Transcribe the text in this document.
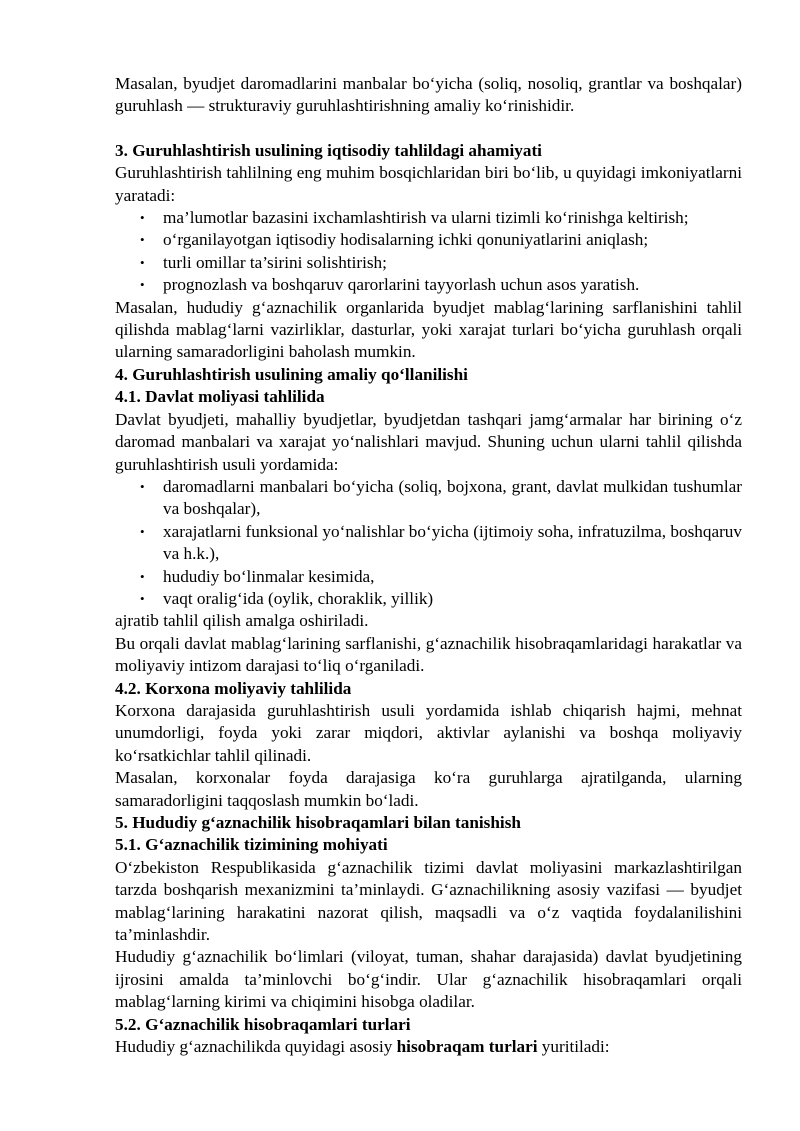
Masalan, byudjet daromadlarini manbalar bo‘yicha (soliq, nosoliq, grantlar va boshqalar) guruhlash — strukturaviy guruhlashtirishning amaliy ko‘rinishidir.

3. Guruhlashtirish usulining iqtisodiy tahlildagi ahamiyati

Guruhlashtirish tahlilning eng muhim bosqichlaridan biri bo‘lib, u quyidagi imkoniyatlarni yaratadi:

• ma’lumotlar bazasini ixchamlashtirish va ularni tizimli ko‘rinishga keltirish;
• o‘rganilayotgan iqtisodiy hodisalarning ichki qonuniyatlarini aniqlash;
• turli omillar ta’sirini solishtirish;
• prognozlash va boshqaruv qarorlarini tayyorlash uchun asos yaratish.

Masalan, hududiy g‘aznachilik organlarida byudjet mablag‘larining sarflanishini tahlil qilishda mablag‘larni vazirliklar, dasturlar, yoki xarajat turlari bo‘yicha guruhlash orqali ularning samaradorligini baholash mumkin.

4. Guruhlashtirish usulining amaliy qo‘llanilishi
4.1. Davlat moliyasi tahlilida

Davlat byudjeti, mahalliy byudjetlar, byudjetdan tashqari jamg‘armalar har birining o‘z daromad manbalari va xarajat yo‘nalishlari mavjud. Shuning uchun ularni tahlil qilishda guruhlashtirish usuli yordamida:

• daromadlarni manbalari bo‘yicha (soliq, bojxona, grant, davlat mulkidan tushumlar va boshqalar),
• xarajatlarni funksional yo‘nalishlar bo‘yicha (ijtimoiy soha, infratuzilma, boshqaruv va h.k.),
• hududiy bo‘linmalar kesimida,
• vaqt oralig‘ida (oylik, choraklik, yillik)

ajratib tahlil qilish amalga oshiriladi.

Bu orqali davlat mablag‘larining sarflanishi, g‘aznachilik hisobraqamlaridagi harakatlar va moliyaviy intizom darajasi to‘liq o‘rganiladi.

4.2. Korxona moliyaviy tahlilida

Korxona darajasida guruhlashtirish usuli yordamida ishlab chiqarish hajmi, mehnat unumdorligi, foyda yoki zarar miqdori, aktivlar aylanishi va boshqa moliyaviy ko‘rsatkichlar tahlil qilinadi.

Masalan, korxonalar foyda darajasiga ko‘ra guruhlarga ajratilganda, ularning samaradorligini taqqoslash mumkin bo‘ladi.

5. Hududiy g‘aznachilik hisobraqamlari bilan tanishish
5.1. G‘aznachilik tizimining mohiyati

O‘zbekiston Respublikasida g‘aznachilik tizimi davlat moliyasini markazlashtirilgan tarzda boshqarish mexanizmini ta’minlaydi. G‘aznachilikning asosiy vazifasi — byudjet mablag‘larining harakatini nazorat qilish, maqsadli va o‘z vaqtida foydalanilishini ta’minlashdir.

Hududiy g‘aznachilik bo‘limlari (viloyat, tuman, shahar darajasida) davlat byudjetining ijrosini amalda ta’minlovchi bo‘g‘indir. Ular g‘aznachilik hisobraqamlari orqali mablag‘larning kirimi va chiqimini hisobga oladilar.

5.2. G‘aznachilik hisobraqamlari turlari

Hududiy g‘aznachilikda quyidagi asosiy hisobraqam turlari yuritiladi:
